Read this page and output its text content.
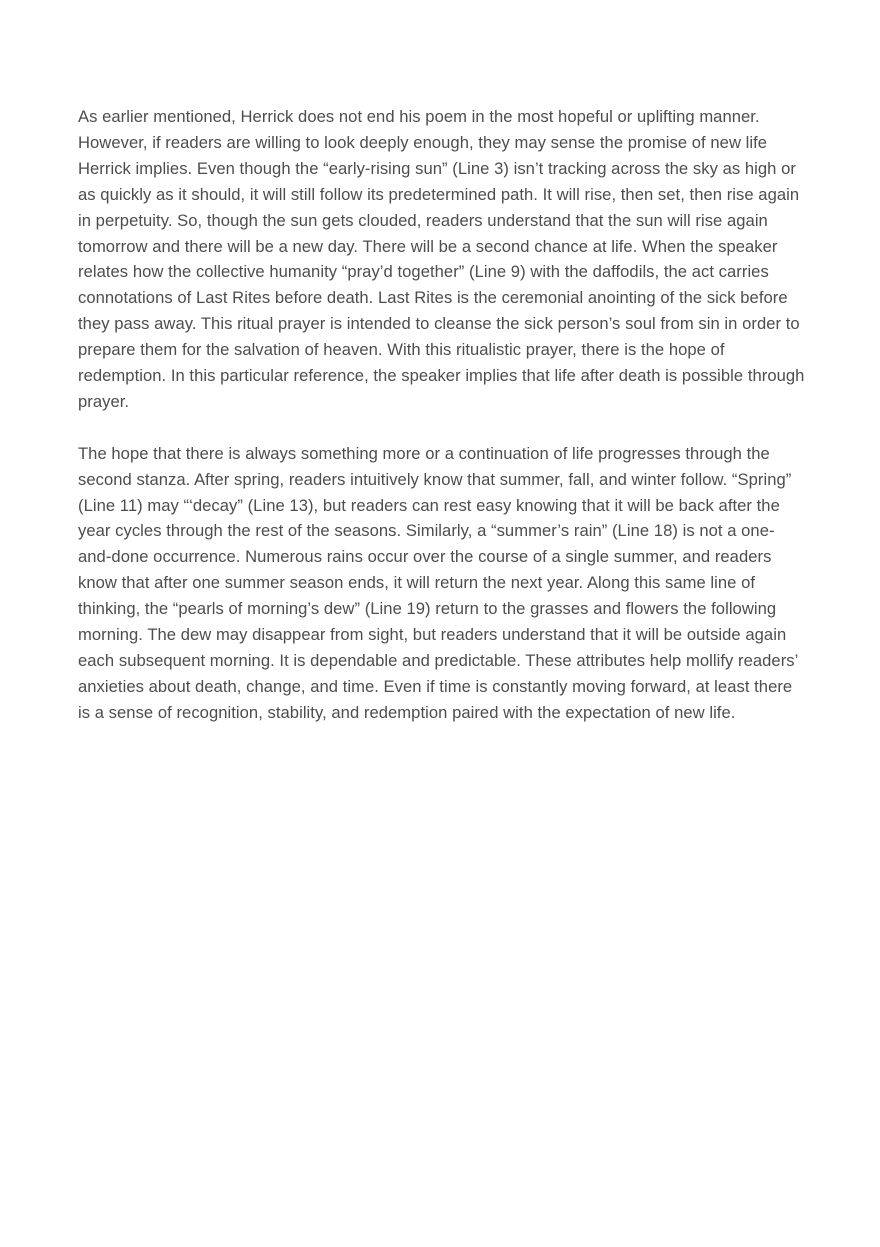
As earlier mentioned, Herrick does not end his poem in the most hopeful or uplifting manner. However, if readers are willing to look deeply enough, they may sense the promise of new life Herrick implies. Even though the “early-rising sun” (Line 3) isn’t tracking across the sky as high or as quickly as it should, it will still follow its predetermined path. It will rise, then set, then rise again in perpetuity. So, though the sun gets clouded, readers understand that the sun will rise again tomorrow and there will be a new day. There will be a second chance at life. When the speaker relates how the collective humanity “pray’d together” (Line 9) with the daffodils, the act carries connotations of Last Rites before death. Last Rites is the ceremonial anointing of the sick before they pass away. This ritual prayer is intended to cleanse the sick person’s soul from sin in order to prepare them for the salvation of heaven. With this ritualistic prayer, there is the hope of redemption. In this particular reference, the speaker implies that life after death is possible through prayer.

The hope that there is always something more or a continuation of life progresses through the second stanza. After spring, readers intuitively know that summer, fall, and winter follow. “Spring” (Line 11) may “‘decay” (Line 13), but readers can rest easy knowing that it will be back after the year cycles through the rest of the seasons. Similarly, a “summer’s rain” (Line 18) is not a one-and-done occurrence. Numerous rains occur over the course of a single summer, and readers know that after one summer season ends, it will return the next year. Along this same line of thinking, the “pearls of morning’s dew” (Line 19) return to the grasses and flowers the following morning. The dew may disappear from sight, but readers understand that it will be outside again each subsequent morning. It is dependable and predictable. These attributes help mollify readers’ anxieties about death, change, and time. Even if time is constantly moving forward, at least there is a sense of recognition, stability, and redemption paired with the expectation of new life.
